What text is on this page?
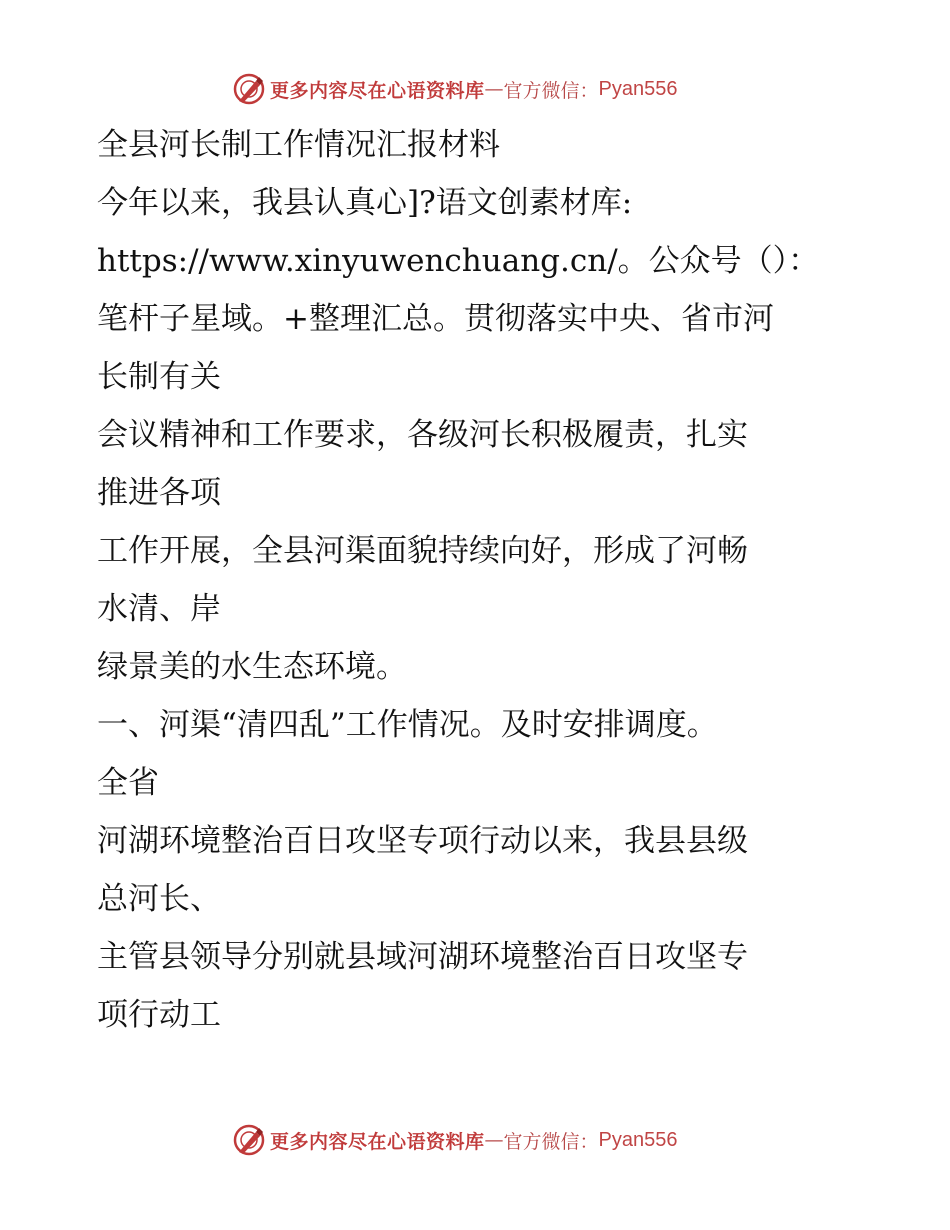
更多内容尽在心语资料库 — 官方微信： Pyan556

全县河长制工作情况汇报材料

今年以来，我县认真心]?语文创素材库:

https://www.xinyuwenchuang.cn/。公众号（）：

笔杆子星域。+整理汇总。贯彻落实中央、省市河

长制有关

会议精神和工作要求，各级河长积极履责，扎实

推进各项

工作开展，全县河渠面貌持续向好，形成了河畅

水清、岸

绿景美的水生态环境。

一、河渠“清四乱”工作情况。及时安排调度。

全省

河湖环境整治百日攻坚专项行动以来，我县县级

总河长、

主管县领导分别就县域河湖环境整治百日攻坚专

项行动工

更多内容尽在心语资料库 — 官方微信： Pyan556
